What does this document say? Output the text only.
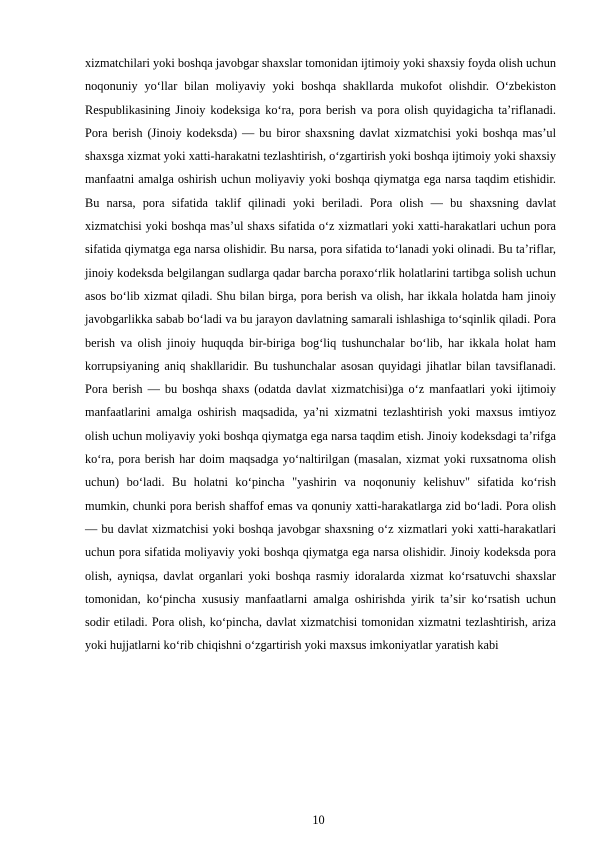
xizmatchilari yoki boshqa javobgar shaxslar tomonidan ijtimoiy yoki shaxsiy foyda olish uchun noqonuniy yoʻllar bilan moliyaviy yoki boshqa shakllarda mukofot olishdir. Oʻzbekiston Respublikasining Jinoiy kodeksiga koʻra, pora berish va pora olish quyidagicha taʼriflanadi. Pora berish (Jinoiy kodeksda) — bu biror shaxsning davlat xizmatchisi yoki boshqa masʼul shaxsga xizmat yoki xatti-harakatni tezlashtirish, oʻzgartirish yoki boshqa ijtimoiy yoki shaxsiy manfaatni amalga oshirish uchun moliyaviy yoki boshqa qiymatga ega narsa taqdim etishidir. Bu narsa, pora sifatida taklif qilinadi yoki beriladi. Pora olish — bu shaxsning davlat xizmatchisi yoki boshqa masʼul shaxs sifatida oʻz xizmatlari yoki xatti-harakatlari uchun pora sifatida qiymatga ega narsa olishidir. Bu narsa, pora sifatida toʻlanadi yoki olinadi. Bu taʼriflar, jinoiy kodeksda belgilangan sudlarga qadar barcha poraxoʻrlik holatlarini tartibga solish uchun asos boʻlib xizmat qiladi. Shu bilan birga, pora berish va olish, har ikkala holatda ham jinoiy javobgarlikka sabab boʻladi va bu jarayon davlatning samarali ishlashiga toʻsqinlik qiladi. Pora berish va olish jinoiy huquqda bir-biriga bogʻliq tushunchalar boʻlib, har ikkala holat ham korrupsiyaning aniq shakllaridir. Bu tushunchalar asosan quyidagi jihatlar bilan tavsiflanadi. Pora berish — bu boshqa shaxs (odatda davlat xizmatchisi)ga oʻz manfaatlari yoki ijtimoiy manfaatlarini amalga oshirish maqsadida, yaʼni xizmatni tezlashtirish yoki maxsus imtiyoz olish uchun moliyaviy yoki boshqa qiymatga ega narsa taqdim etish. Jinoiy kodeksdagi taʼrifga koʻra, pora berish har doim maqsadga yoʻnaltirilgan (masalan, xizmat yoki ruxsatnoma olish uchun) boʻladi. Bu holatni koʻpincha "yashirin va noqonuniy kelishuv" sifatida koʻrish mumkin, chunki pora berish shaffof emas va qonuniy xatti-harakatlarga zid boʻladi. Pora olish — bu davlat xizmatchisi yoki boshqa javobgar shaxsning oʻz xizmatlari yoki xatti-harakatlari uchun pora sifatida moliyaviy yoki boshqa qiymatga ega narsa olishidir. Jinoiy kodeksda pora olish, ayniqsa, davlat organlari yoki boshqa rasmiy idoralarda xizmat koʻrsatuvchi shaxslar tomonidan, koʻpincha xususiy manfaatlarni amalga oshirishda yirik taʼsir koʻrsatish uchun sodir etiladi. Pora olish, koʻpincha, davlat xizmatchisi tomonidan xizmatni tezlashtirish, ariza yoki hujjatlarni koʻrib chiqishni oʻzgartirish yoki maxsus imkoniyatlar yaratish kabi

10
